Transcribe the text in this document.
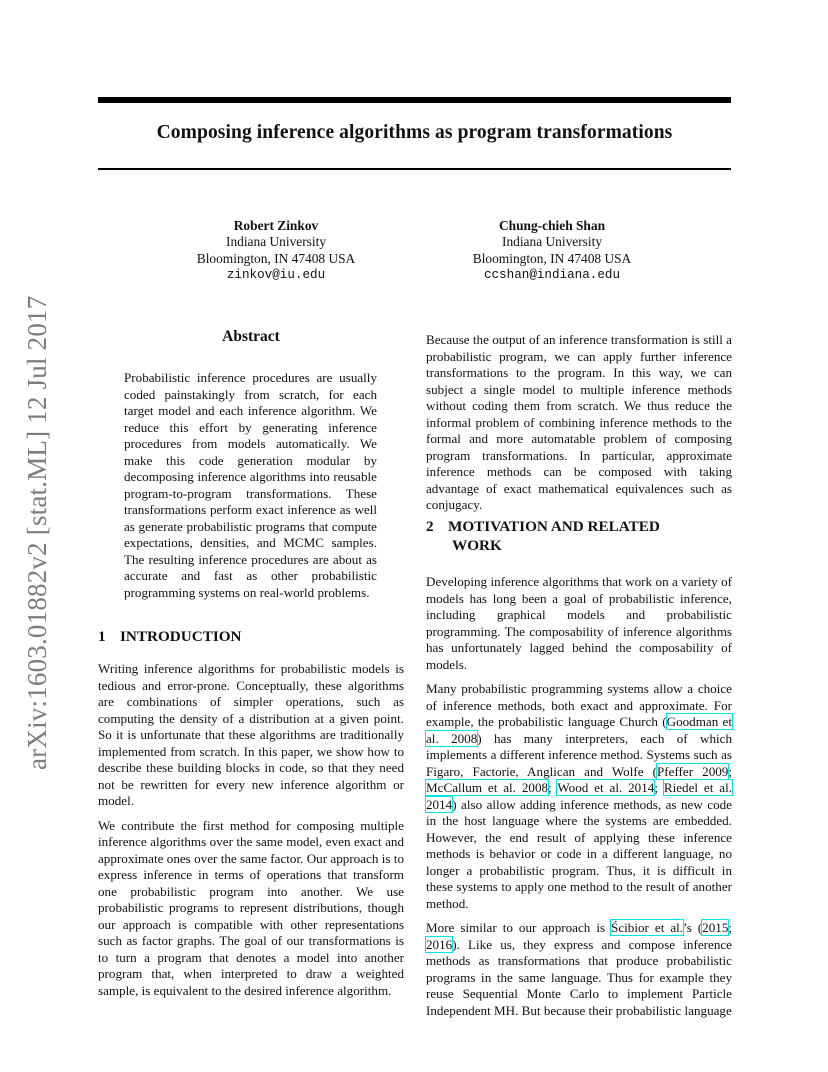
Composing inference algorithms as program transformations
Robert Zinkov
Indiana University
Bloomington, IN 47408 USA
zinkov@iu.edu
Chung-chieh Shan
Indiana University
Bloomington, IN 47408 USA
ccshan@indiana.edu
arXiv:1603.01882v2 [stat.ML] 12 Jul 2017	Abstract
Probabilistic inference procedures are usually coded painstakingly from scratch, for each target model and each inference algorithm. We reduce this effort by generating inference procedures from models automatically. We make this code generation modular by decomposing inference algorithms into reusable program-to-program transformations. These transformations perform exact inference as well as generate probabilistic programs that compute expectations, densities, and MCMC samples. The resulting inference procedures are about as accurate and fast as other probabilistic programming systems on real-world problems.
1 INTRODUCTION

Writing inference algorithms for probabilistic models is tedious and error-prone. Conceptually, these algorithms are combinations of simpler operations, such as computing the density of a distribution at a given point. So it is unfortunate that these algorithms are traditionally implemented from scratch. In this paper, we show how to describe these building blocks in code, so that they need not be rewritten for every new inference algorithm or model.

We contribute the first method for composing multiple inference algorithms over the same model, even exact and approximate ones over the same factor. Our approach is to express inference in terms of operations that transform one probabilistic program into another. We use probabilistic programs to represent distributions, though our approach is compatible with other representations such as factor graphs. The goal of our transformations is to turn a program that denotes a model into another program that, when interpreted to draw a weighted sample, is equivalent to the desired inference algorithm.

Because the output of an inference transformation is still a probabilistic program, we can apply further inference transformations to the program. In this way, we can subject a single model to multiple inference methods without coding them from scratch. We thus reduce the informal problem of combining inference methods to the formal and more automatable problem of composing program transformations. In particular, approximate inference methods can be composed with taking advantage of exact mathematical equivalences such as conjugacy.
2 MOTIVATION AND RELATED
WORK

Developing inference algorithms that work on a variety of models has long been a goal of probabilistic inference, including graphical models and probabilistic programming. The composability of inference algorithms has unfortunately lagged behind the composability of models.

Many probabilistic programming systems allow a choice of inference methods, both exact and approximate. For example, the probabilistic language Church (Goodman et al. 2008) has many interpreters, each of which implements a different inference method. Systems such as Figaro, Factorie, Anglican and Wolfe (Pfeffer 2009; McCallum et al. 2008; Wood et al. 2014; Riedel et al. 2014) also allow adding inference methods, as new code in the host language where the systems are embedded. However, the end result of applying these inference methods is behavior or code in a different language, no longer a probabilistic program. Thus, it is difficult in these systems to apply one method to the result of another method.

More similar to our approach is Ścibior et al.’s (2015; 2016). Like us, they express and compose inference methods as transformations that produce probabilistic programs in the same language. Thus for example they reuse Sequential Monte Carlo to implement Particle Independent MH. But because their probabilistic language
